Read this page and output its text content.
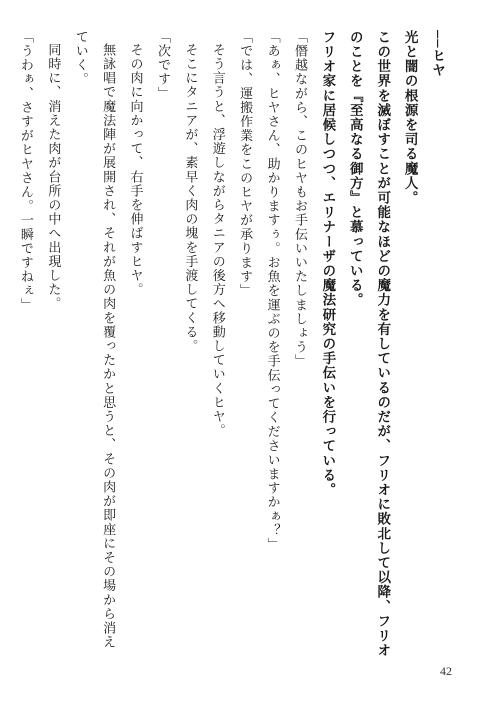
──ヒヤ
光と闇の根源を司る魔人。
この世界を滅ぼすことが可能なほどの魔力を有しているのだが、フリオに敗北して以降、フリオ
のことを『至高なる御方』と慕っている。
フリオ家に居候しつつ、エリナーザの魔法研究の手伝いを行っている。
「僭越ながら、このヒヤもお手伝いいたしましょう」
「あぁ、ヒヤさん、助かりますぅ。お魚を運ぶのを手伝ってくださいますかぁ？」
「では、運搬作業をこのヒヤが承ります」
そう言うと、浮遊しながらタニアの後方へ移動していくヒヤ。
そこにタニアが、素早く肉の塊を手渡してくる。
「次です」
その肉に向かって、右手を伸ばすヒヤ。
無詠唱で魔法陣が展開され、それが魚の肉を覆ったかと思うと、その肉が即座にその場から消え
ていく。
同時に、消えた肉が台所の中へ出現した。
「うわぁ、さすがヒヤさん。一瞬ですねぇ」
42
